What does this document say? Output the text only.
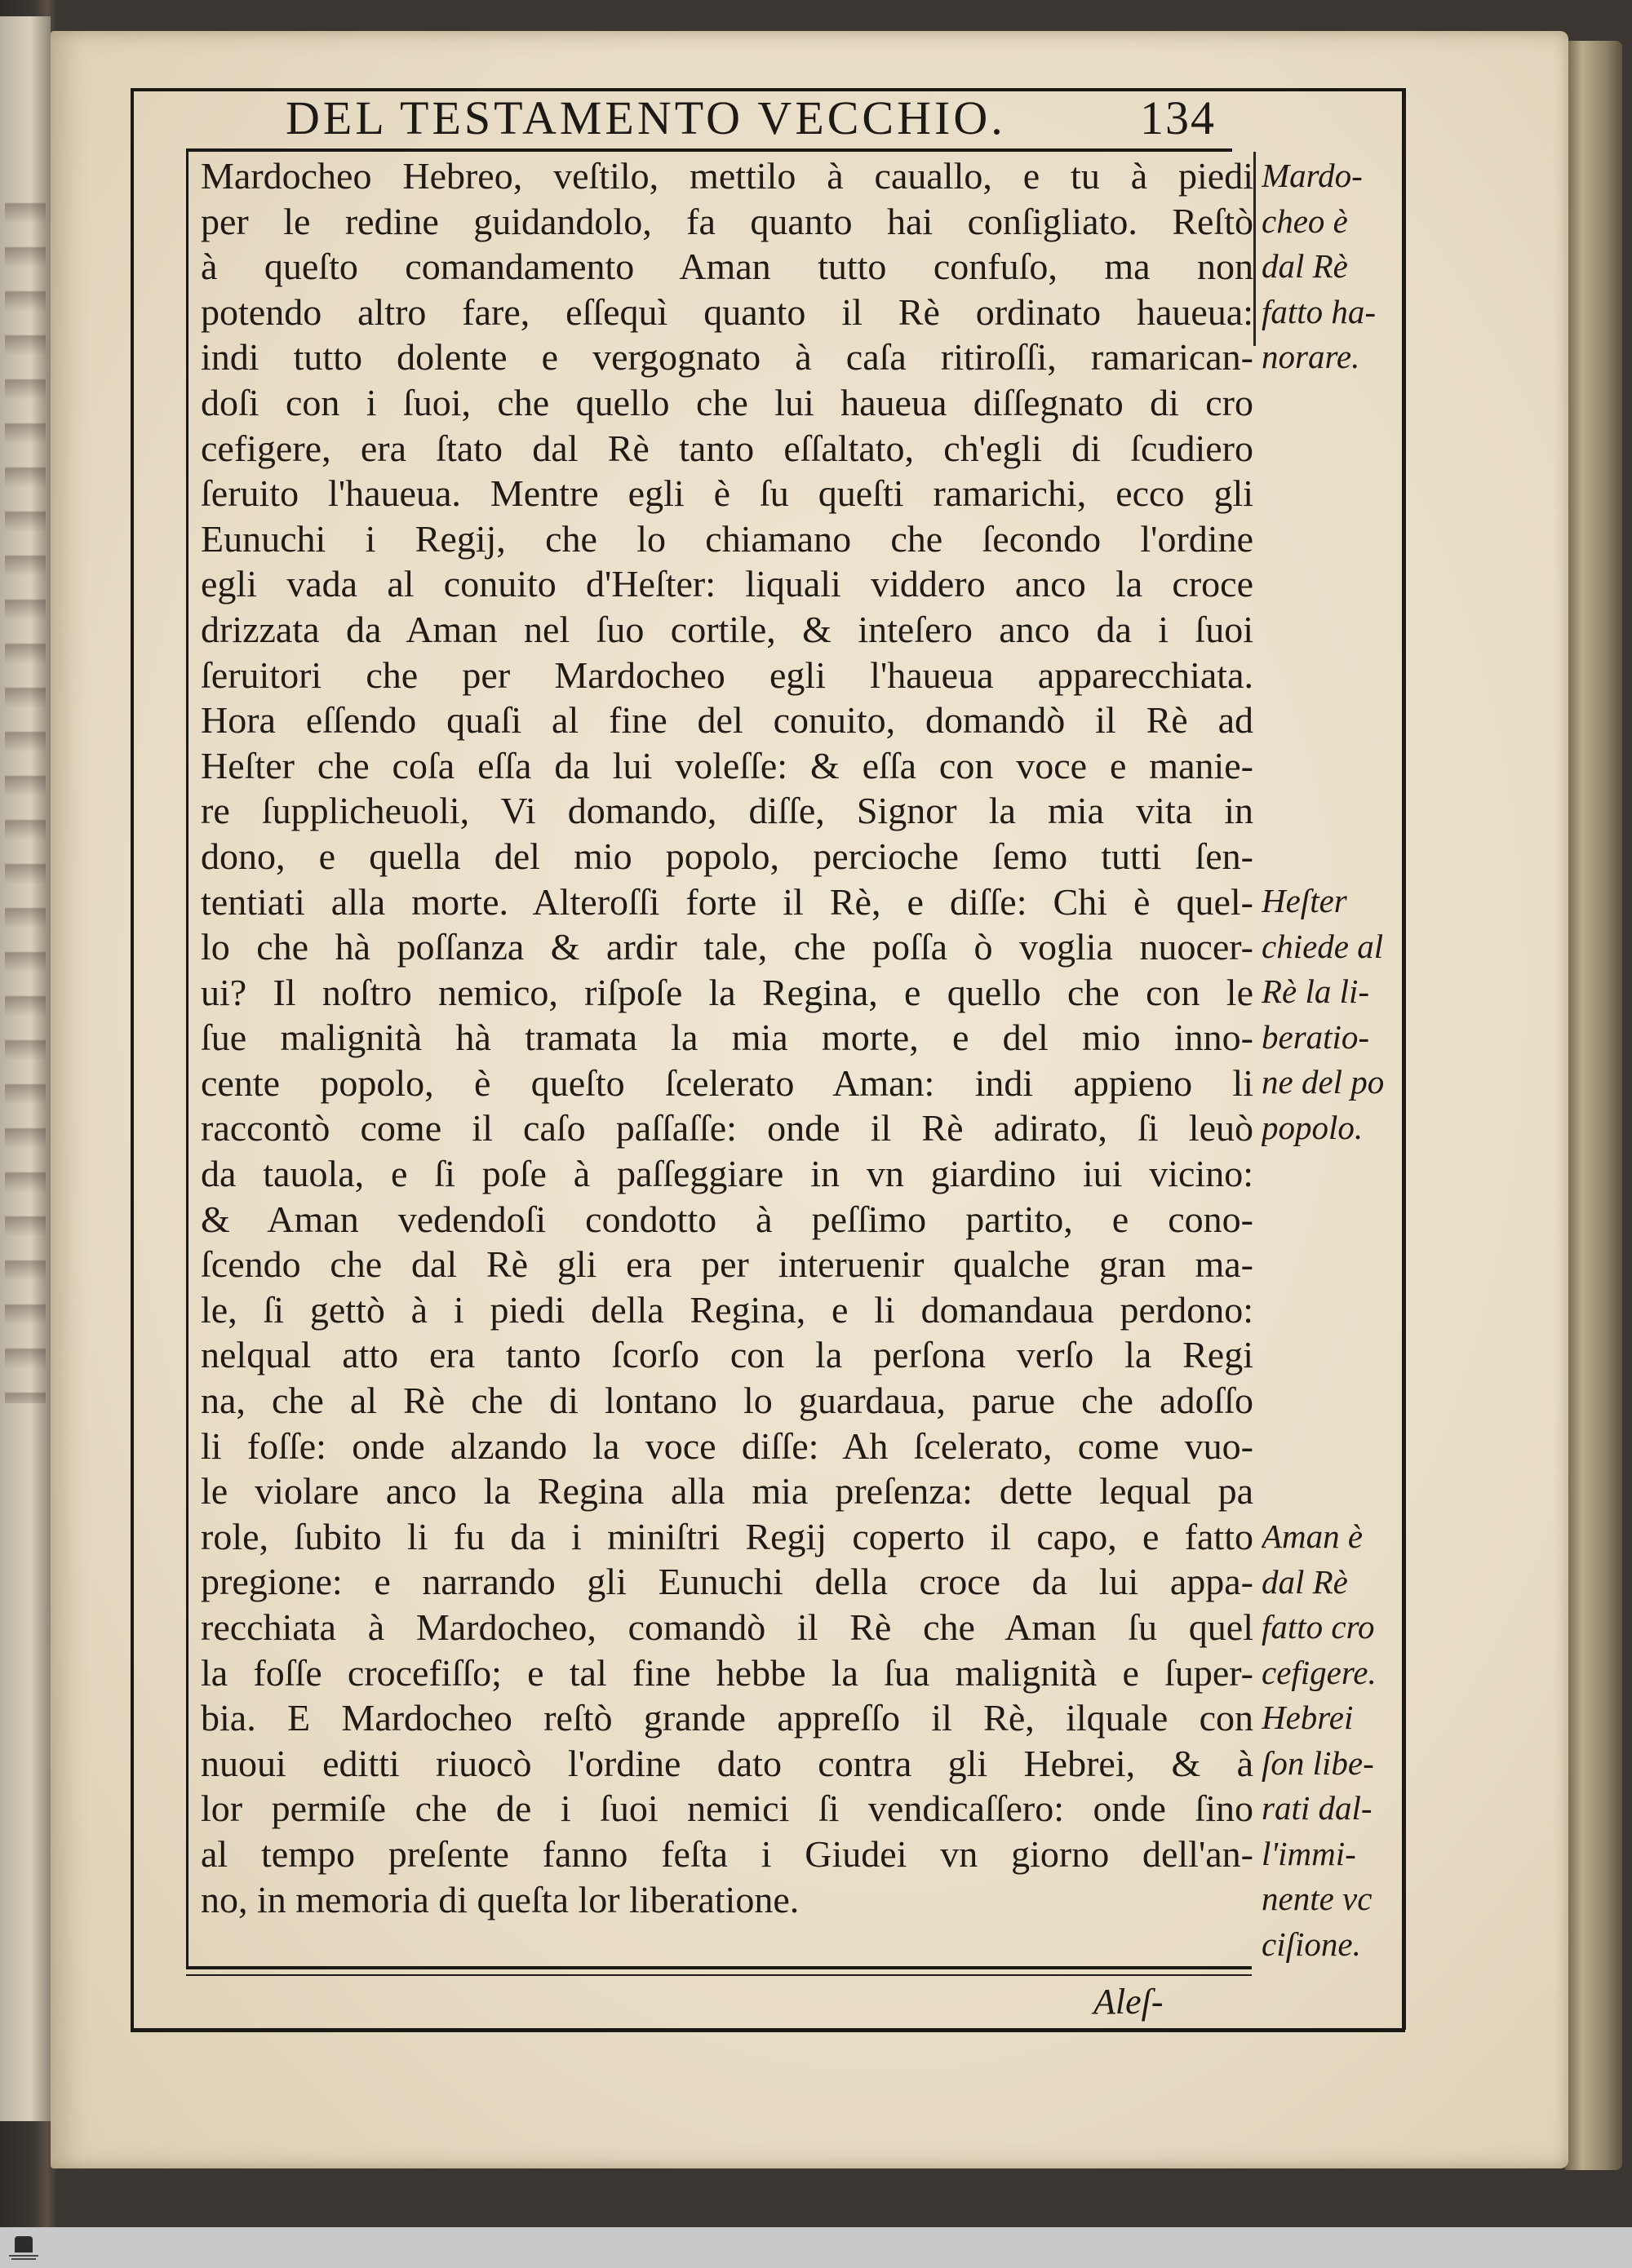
DEL TESTAMENTO VECCHIO.	134
Mardocheo Hebreo, veſtilo, mettilo à cauallo, e tu à piedi
per le redine guidandolo, fa quanto hai conſigliato. Reſtò
à queſto comandamento Aman tutto confuſo, ma non
potendo altro fare, eſſequì quanto il Rè ordinato haueua:
indi tutto dolente e vergognato à caſa ritiroſſi, ramarican-
doſi con i ſuoi, che quello che lui haueua diſſegnato di cro
cefigere, era ſtato dal Rè tanto eſſaltato, ch'egli di ſcudiero
ſeruito l'haueua. Mentre egli è ſu queſti ramarichi, ecco gli
Eunuchi i Regij, che lo chiamano che ſecondo l'ordine
egli vada al conuito d'Heſter: liquali viddero anco la croce
drizzata da Aman nel ſuo cortile, & inteſero anco da i ſuoi
ſeruitori che per Mardocheo egli l'haueua apparecchiata.
Hora eſſendo quaſi al fine del conuito, domandò il Rè ad
Heſter che coſa eſſa da lui voleſſe: & eſſa con voce e manie-
re ſupplicheuoli, Vi domando, diſſe, Signor la mia vita in
dono, e quella del mio popolo, percioche ſemo tutti ſen-
tentiati alla morte. Alteroſſi forte il Rè, e diſſe: Chi è quel-
lo che hà poſſanza & ardir tale, che poſſa ò voglia nuocer-
ui? Il noſtro nemico, riſpoſe la Regina, e quello che con le
ſue malignità hà tramata la mia morte, e del mio inno-
cente popolo, è queſto ſcelerato Aman: indi appieno li
raccontò come il caſo paſſaſſe: onde il Rè adirato, ſi leuò
da tauola, e ſi poſe à paſſeggiare in vn giardino iui vicino:
& Aman vedendoſi condotto à peſſimo partito, e cono-
ſcendo che dal Rè gli era per interuenir qualche gran ma-
le, ſi gettò à i piedi della Regina, e li domandaua perdono:
nelqual atto era tanto ſcorſo con la perſona verſo la Regi
na, che al Rè che di lontano lo guardaua, parue che adoſſo
li foſſe: onde alzando la voce diſſe: Ah ſcelerato, come vuo-
le violare anco la Regina alla mia preſenza: dette lequal pa
role, ſubito li fu da i miniſtri Regij coperto il capo, e fatto
pregione: e narrando gli Eunuchi della croce da lui appa-
recchiata à Mardocheo, comandò il Rè che Aman ſu quel
la foſſe crocefiſſo; e tal fine hebbe la ſua malignità e ſuper-
bia. E Mardocheo reſtò grande appreſſo il Rè, ilquale con
nuoui editti riuocò l'ordine dato contra gli Hebrei, & à
lor permiſe che de i ſuoi nemici ſi vendicaſſero: onde ſino
al tempo preſente fanno feſta i Giudei vn giorno dell'an-
no, in memoria di queſta lor liberatione.
Mardo-
cheo è
dal Rè
fatto ha-
norare.
Heſter
chiede al
Rè la li-
beratio-
ne del po
popolo.
Aman è
dal Rè
fatto cro
cefigere.
Hebrei
ſon libe-
rati dal-
l'immi-
nente vc
ciſione.
Aleſ-
